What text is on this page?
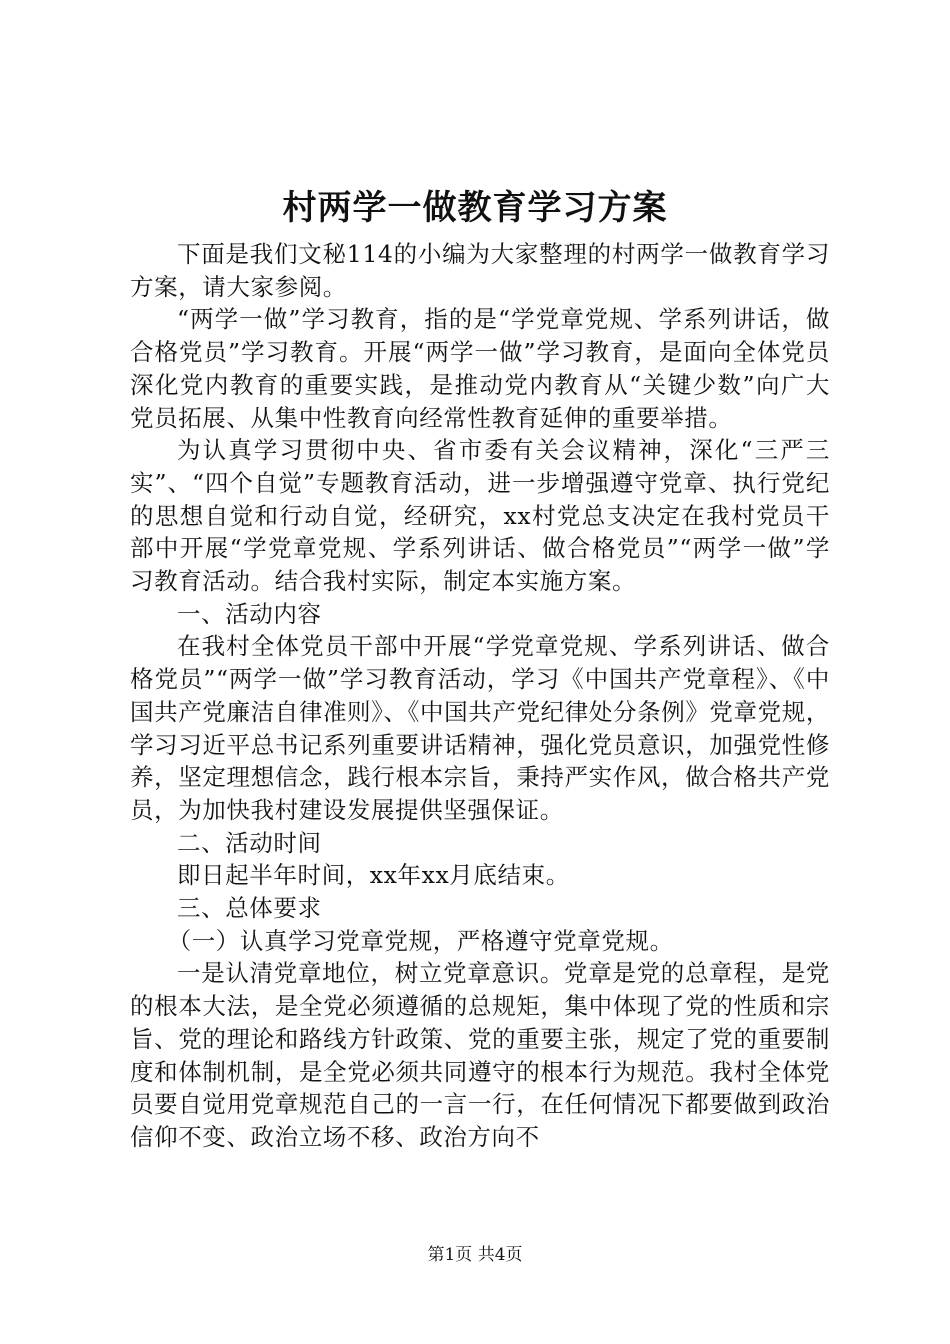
村两学一做教育学习方案

下面是我们文秘114的小编为大家整理的村两学一做教育学习方案，请大家参阅。

“两学一做”学习教育，指的是“学党章党规、学系列讲话，做合格党员”学习教育。开展“两学一做”学习教育，是面向全体党员深化党内教育的重要实践，是推动党内教育从“关键少数”向广大党员拓展、从集中性教育向经常性教育延伸的重要举措。

为认真学习贯彻中央、省市委有关会议精神，深化“三严三实”、“四个自觉”专题教育活动，进一步增强遵守党章、执行党纪的思想自觉和行动自觉，经研究，xx村党总支决定在我村党员干部中开展“学党章党规、学系列讲话、做合格党员”“两学一做”学习教育活动。结合我村实际，制定本实施方案。

一、活动内容

在我村全体党员干部中开展“学党章党规、学系列讲话、做合格党员”“两学一做”学习教育活动，学习《中国共产党章程》、《中国共产党廉洁自律准则》、《中国共产党纪律处分条例》党章党规，学习习近平总书记系列重要讲话精神，强化党员意识，加强党性修养，坚定理想信念，践行根本宗旨，秉持严实作风，做合格共产党员，为加快我村建设发展提供坚强保证。

二、活动时间

即日起半年时间，xx年xx月底结束。

三、总体要求

（一）认真学习党章党规，严格遵守党章党规。

一是认清党章地位，树立党章意识。党章是党的总章程，是党的根本大法，是全党必须遵循的总规矩，集中体现了党的性质和宗旨、党的理论和路线方针政策、党的重要主张，规定了党的重要制度和体制机制，是全党必须共同遵守的根本行为规范。我村全体党员要自觉用党章规范自己的一言一行，在任何情况下都要做到政治信仰不变、政治立场不移、政治方向不

第1页 共4页
